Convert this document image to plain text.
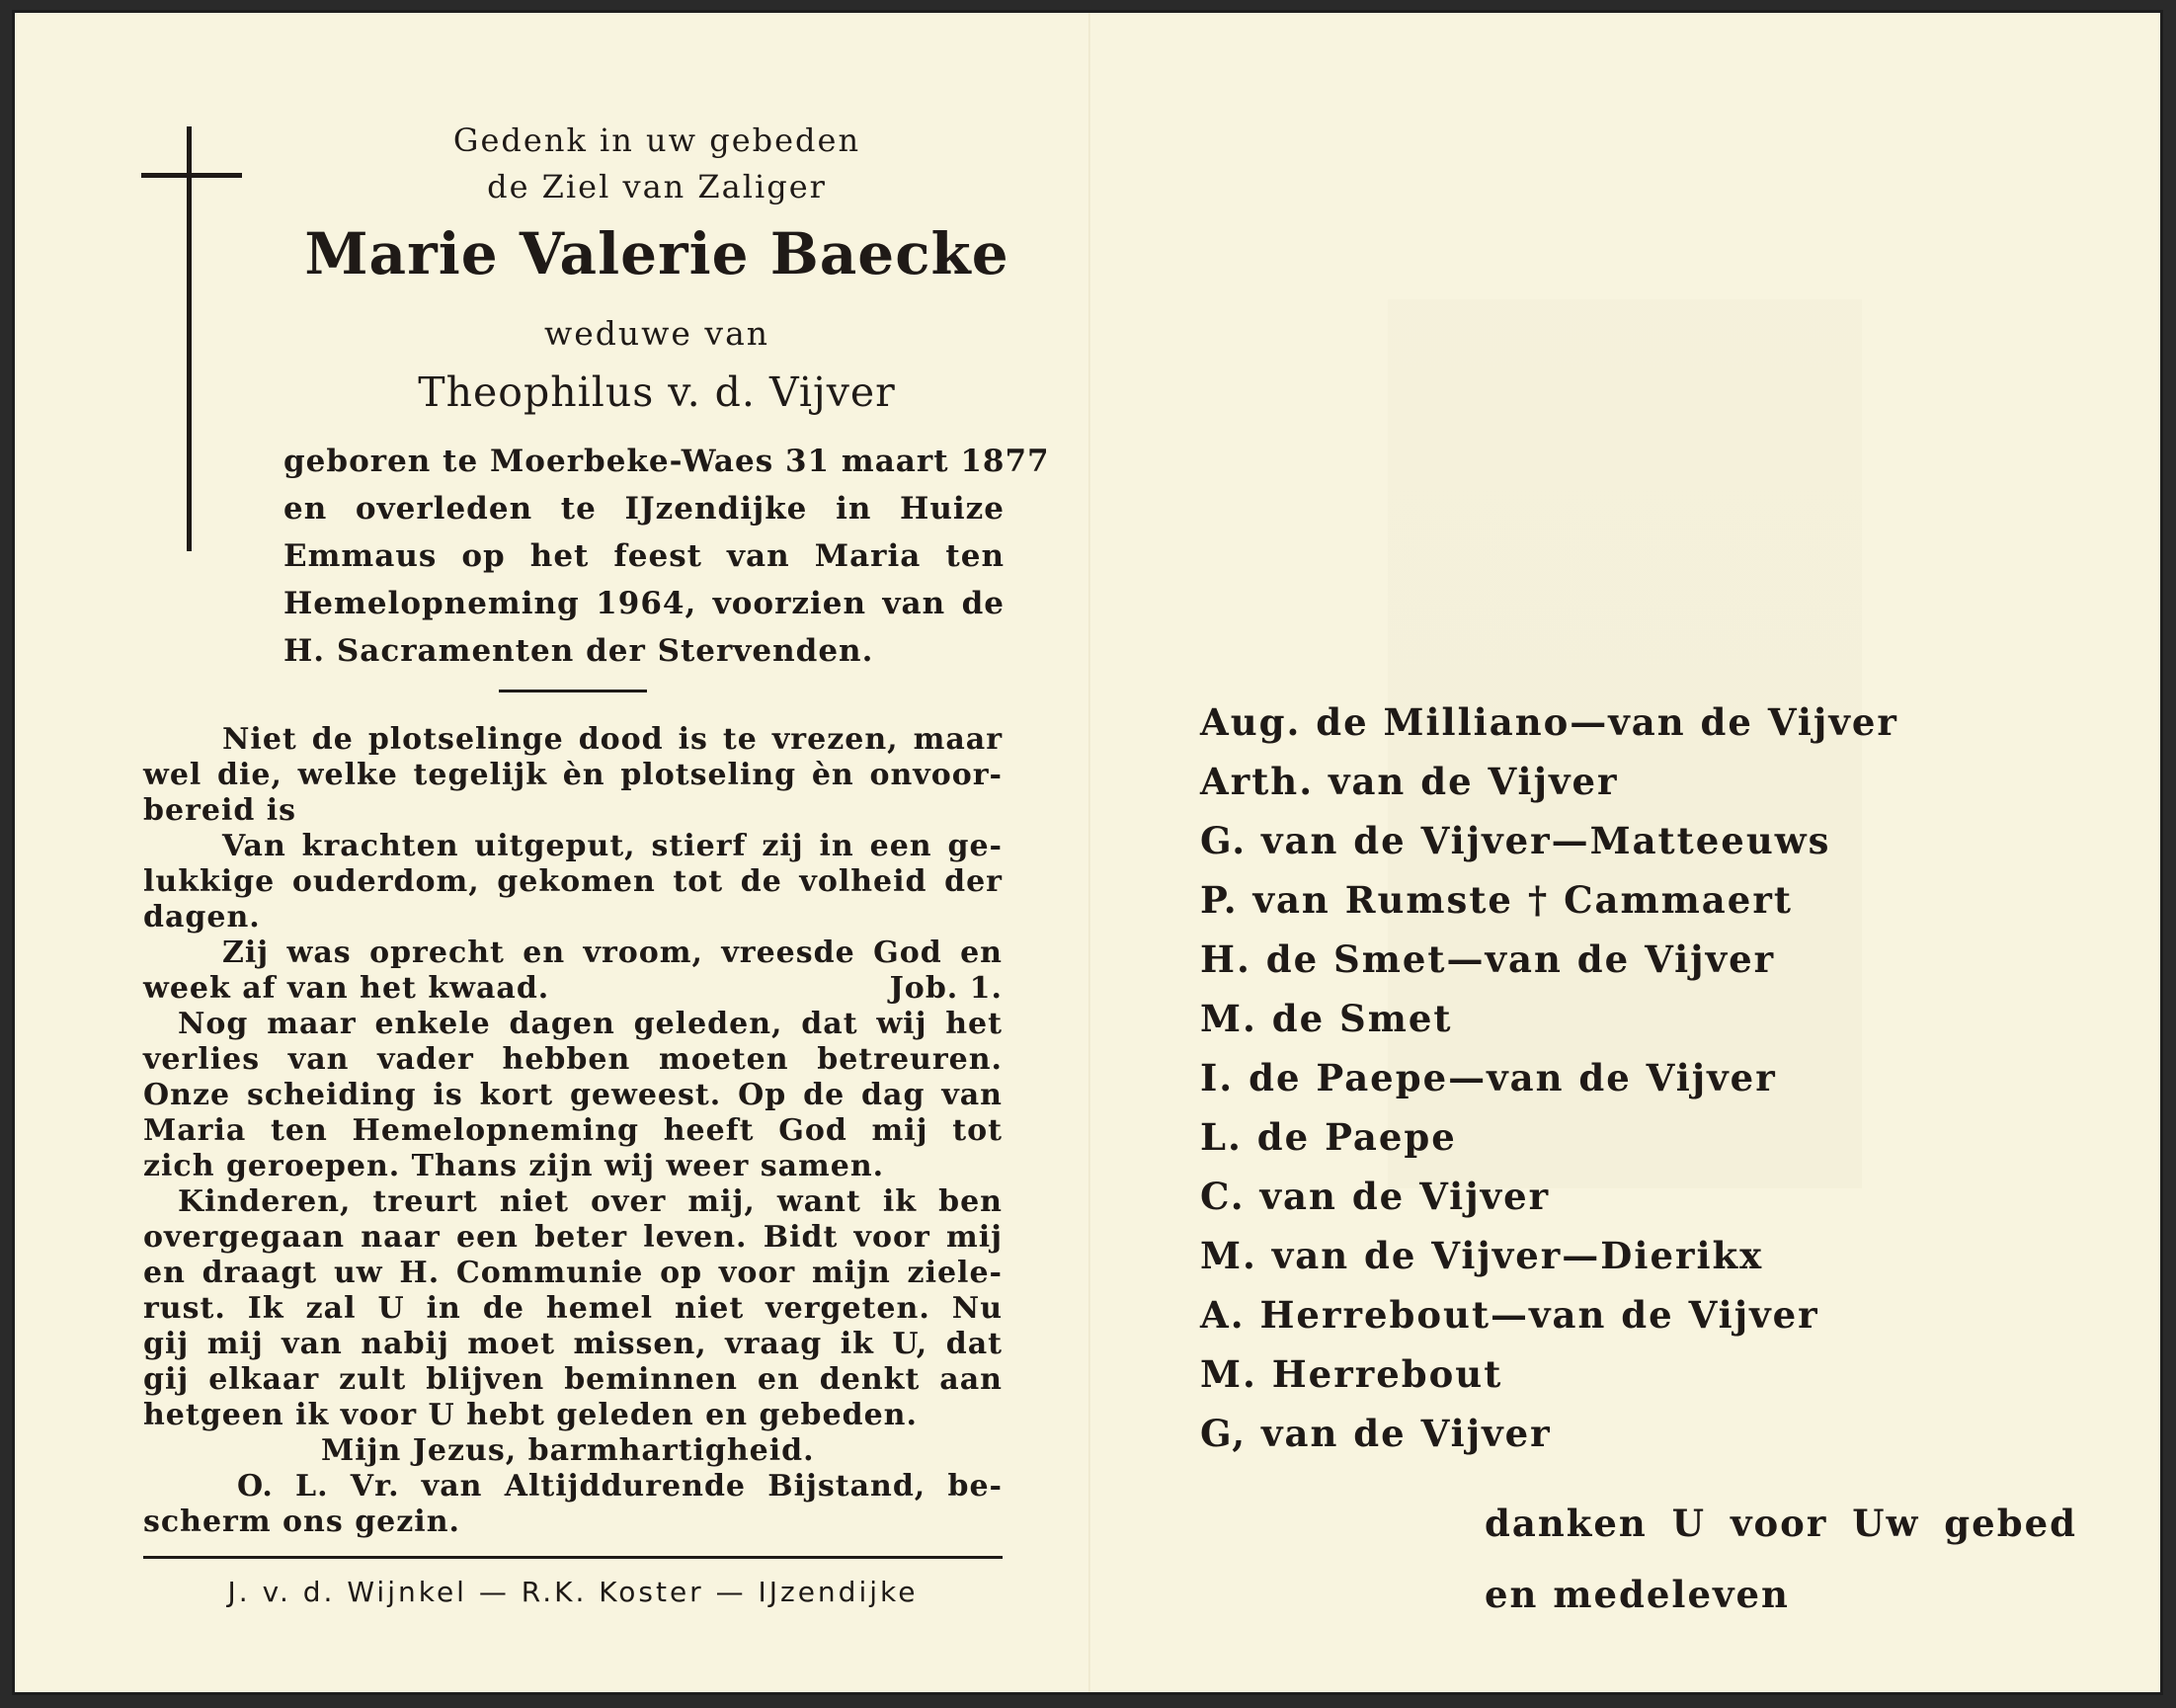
Gedenk in uw gebeden
de Ziel van Zaliger
Marie Valerie Baecke
weduwe van
Theophilus v. d. Vijver
geboren te Moerbeke-Waes 31 maart 1877
en overleden te IJzendijke in Huize
Emmaus op het feest van Maria ten
Hemelopneming 1964, voorzien van de
H. Sacramenten der Stervenden.
Niet de plotselinge dood is te vrezen, maar
wel die, welke tegelijk èn plotseling èn onvoor-
bereid is
Van krachten uitgeput, stierf zij in een ge-
lukkige ouderdom, gekomen tot de volheid der
dagen.
Zij was oprecht en vroom, vreesde God en
week af van het kwaad.	Job. 1.
Nog maar enkele dagen geleden, dat wij het
verlies van vader hebben moeten betreuren.
Onze scheiding is kort geweest. Op de dag van
Maria ten Hemelopneming heeft God mij tot
zich geroepen. Thans zijn wij weer samen.
Kinderen, treurt niet over mij, want ik ben
overgegaan naar een beter leven. Bidt voor mij
en draagt uw H. Communie op voor mijn ziele-
rust. Ik zal U in de hemel niet vergeten. Nu
gij mij van nabij moet missen, vraag ik U, dat
gij elkaar zult blijven beminnen en denkt aan
hetgeen ik voor U hebt geleden en gebeden.
Mijn Jezus, barmhartigheid.
O. L. Vr. van Altijddurende Bijstand, be-
scherm ons gezin.
J. v. d. Wijnkel — R.K. Koster — IJzendijke
Aug. de Milliano—van de Vijver
Arth. van de Vijver
G. van de Vijver—Matteeuws
P. van Rumste † Cammaert
H. de Smet—van de Vijver
M. de Smet
I. de Paepe—van de Vijver
L. de Paepe
C. van de Vijver
M. van de Vijver—Dierikx
A. Herrebout—van de Vijver
M. Herrebout
G, van de Vijver
danken U voor Uw gebed
en medeleven
